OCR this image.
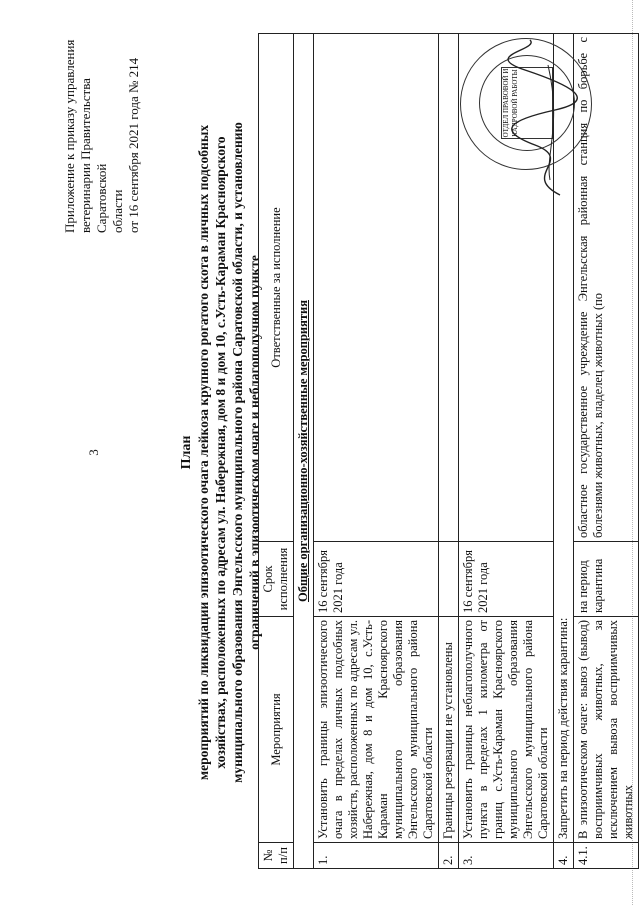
3
Приложение к приказу управления
ветеринарии Правительства Саратовской области от 16 сентября 2021 года № 214
План мероприятий по ликвидации эпизоотического очага лейкоза крупного рогатого скота в личных подсобных хозяйствах, расположенных по адресам ул. Набережная, дом 8 и дом 10, с.Усть-Караман Красноярского муниципального образования Энгельсского муниципального района Саратовской области, и установлению ограничений в эпизоотическом очаге и неблагополучном пункте
№ п/п	Мероприятия	Срок исполнения	Ответственные за исполнение
Общие организационно-хозяйственные мероприятия			
1.	Установить границы эпизоотического очага в пределах личных подсобных хозяйств, расположенных по адресам ул. Набережная, дом 8 и дом 10, с.Усть-Караман Красноярского муниципального образования Энгельсского муниципального района Саратовской области	16 сентября 2021 года	
2.	Границы резервации не установлены		
3.	Установить границы неблагополучного пункта в пределах 1 километра от границ с.Усть-Караман Красноярского муниципального образования Энгельсского муниципального района Саратовской области	16 сентября 2021 года	
4.	Запретить на период действия карантина:		
4.1.	В эпизоотическом очаге: вывоз (вывод) восприимчивых животных, за исключением вывоза восприимчивых животных	на период карантина	областное государственное учреждение Энгельсская районная станция по борьбе с болезнями животных, владелец животных (по
ОТДЕЛ ПРАВОВОЙ И КАДРОВОЙ РАБОТЫ
